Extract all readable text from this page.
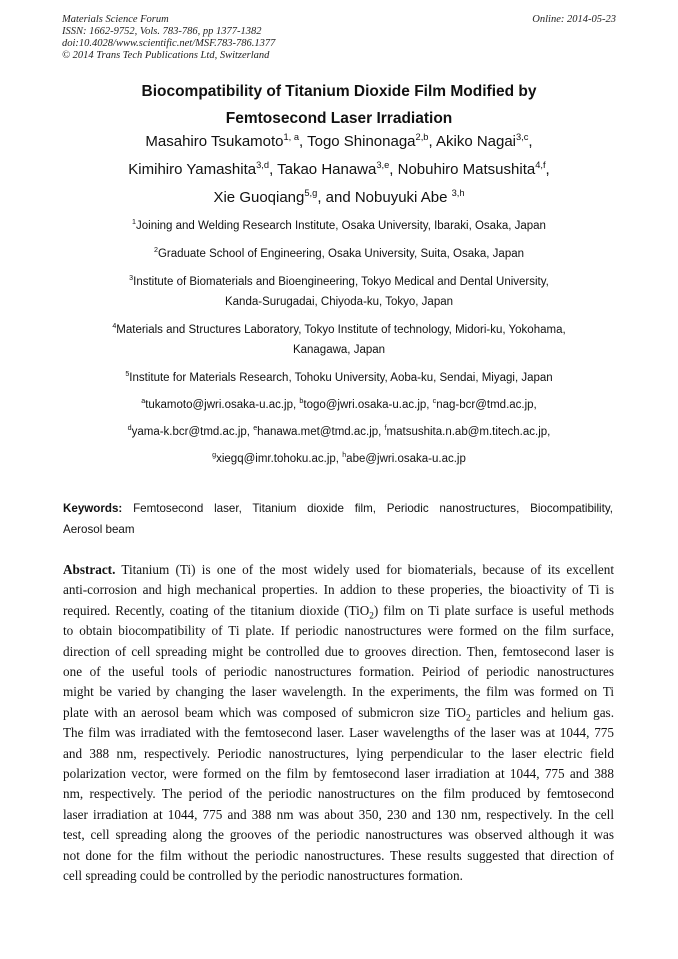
Materials Science Forum
ISSN: 1662-9752, Vols. 783-786, pp 1377-1382
doi:10.4028/www.scientific.net/MSF.783-786.1377
© 2014 Trans Tech Publications Ltd, Switzerland
Online: 2014-05-23
Biocompatibility of Titanium Dioxide Film Modified by
Femtosecond Laser Irradiation
Masahiro Tsukamoto$^{1, a}$, Togo Shinonaga$^{2,b}$, Akiko Nagai$^{3,c}$,
Kimihiro Yamashita$^{3,d}$, Takao Hanawa$^{3,e}$, Nobuhiro Matsushita$^{4,f}$,
Xie Guoqiang$^{5,g}$, and Nobuyuki Abe $^{3,h}$
$^1$Joining and Welding Research Institute, Osaka University, Ibaraki, Osaka, Japan
$^2$Graduate School of Engineering, Osaka University, Suita, Osaka, Japan
$^3$Institute of Biomaterials and Bioengineering, Tokyo Medical and Dental University,
Kanda-Surugadai, Chiyoda-ku, Tokyo, Japan
$^4$Materials and Structures Laboratory, Tokyo Institute of technology, Midori-ku, Yokohama,
Kanagawa, Japan
$^5$Institute for Materials Research, Tohoku University, Aoba-ku, Sendai, Miyagi, Japan
$^a$tukamoto@jwri.osaka-u.ac.jp, $^b$togo@jwri.osaka-u.ac.jp, $^c$nag-bcr@tmd.ac.jp,
$^d$yama-k.bcr@tmd.ac.jp, $^e$hanawa.met@tmd.ac.jp, $^f$matsushita.n.ab@m.titech.ac.jp,
$^g$xiegq@imr.tohoku.ac.jp, $^h$abe@jwri.osaka-u.ac.jp
Keywords: Femtosecond laser, Titanium dioxide film, Periodic nanostructures, Biocompatibility,
Aerosol beam
Abstract. Titanium (Ti) is one of the most widely used for biomaterials, because of its excellent
anti-corrosion and high mechanical properties. In addion to these properies, the bioactivity of Ti is
required. Recently, coating of the titanium dioxide (TiO$_2$) film on Ti plate surface is useful methods
to obtain biocompatibility of Ti plate. If periodic nanostructures were formed on the film surface,
direction of cell spreading might be controlled due to grooves direction. Then, femtosecond laser is
one of the useful tools of periodic nanostructures formation. Peiriod of periodic nanostructures
might be varied by changing the laser wavelength. In the experiments, the film was formed on Ti
plate with an aerosol beam which was composed of submicron size TiO$_2$ particles and helium gas.
The film was irradiated with the femtosecond laser. Laser wavelengths of the laser was at 1044, 775
and 388 nm, respectively. Periodic nanostructures, lying perpendicular to the laser electric field
polarization vector, were formed on the film by femtosecond laser irradiation at 1044, 775 and 388
nm, respectively. The period of the periodic nanostructures on the film produced by femtosecond
laser irradiation at 1044, 775 and 388 nm was about 350, 230 and 130 nm, respectively. In the cell
test, cell spreading along the grooves of the periodic nanostructures was observed although it was
not done for the film without the periodic nanostructures. These results suggested that direction of
cell spreading could be controlled by the periodic nanostructures formation.
